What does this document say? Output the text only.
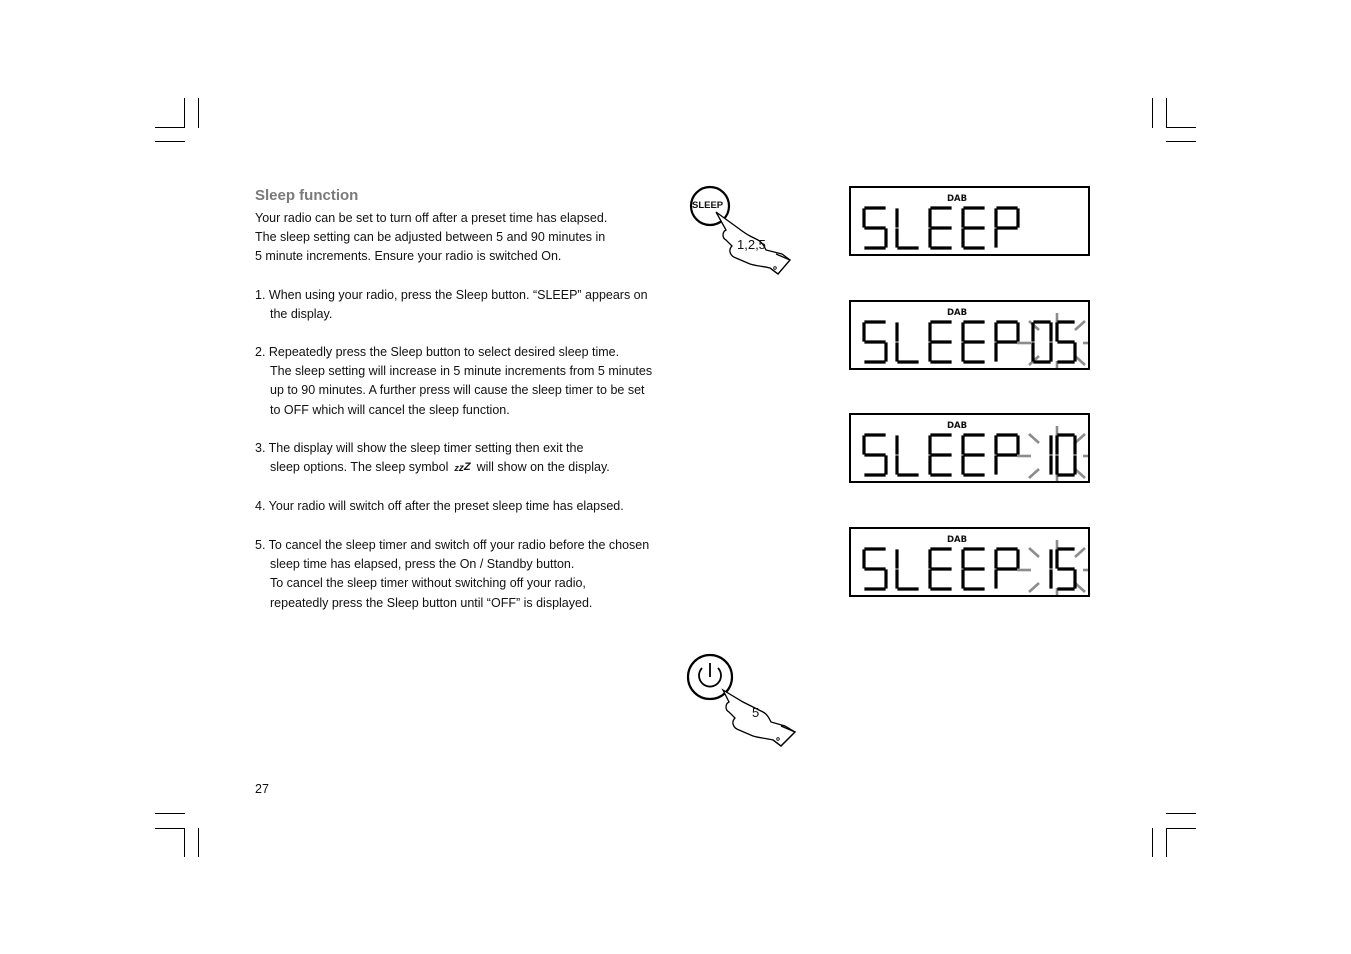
Sleep function
Your radio can be set to turn off after a preset time has elapsed.
The sleep setting can be adjusted between 5 and 90 minutes in
5 minute increments. Ensure your radio is switched On.
1. When using your radio, press the Sleep button. “SLEEP” appears on
the display.
2. Repeatedly press the Sleep button to select desired sleep time.
The sleep setting will increase in 5 minute increments from 5 minutes
up to 90 minutes. A further press will cause the sleep timer to be set
to OFF which will cancel the sleep function.
3. The display will show the sleep timer setting then exit the
sleep options. The sleep symbol zzZ will show on the display.
4. Your radio will switch off after the preset sleep time has elapsed.
5. To cancel the sleep timer and switch off your radio before the chosen
sleep time has elapsed, press the On / Standby button.
To cancel the sleep timer without switching off your radio,
repeatedly press the Sleep button until “OFF” is displayed.
27
SLEEP
1,2,5
5
DAB
DAB
DAB
DAB
